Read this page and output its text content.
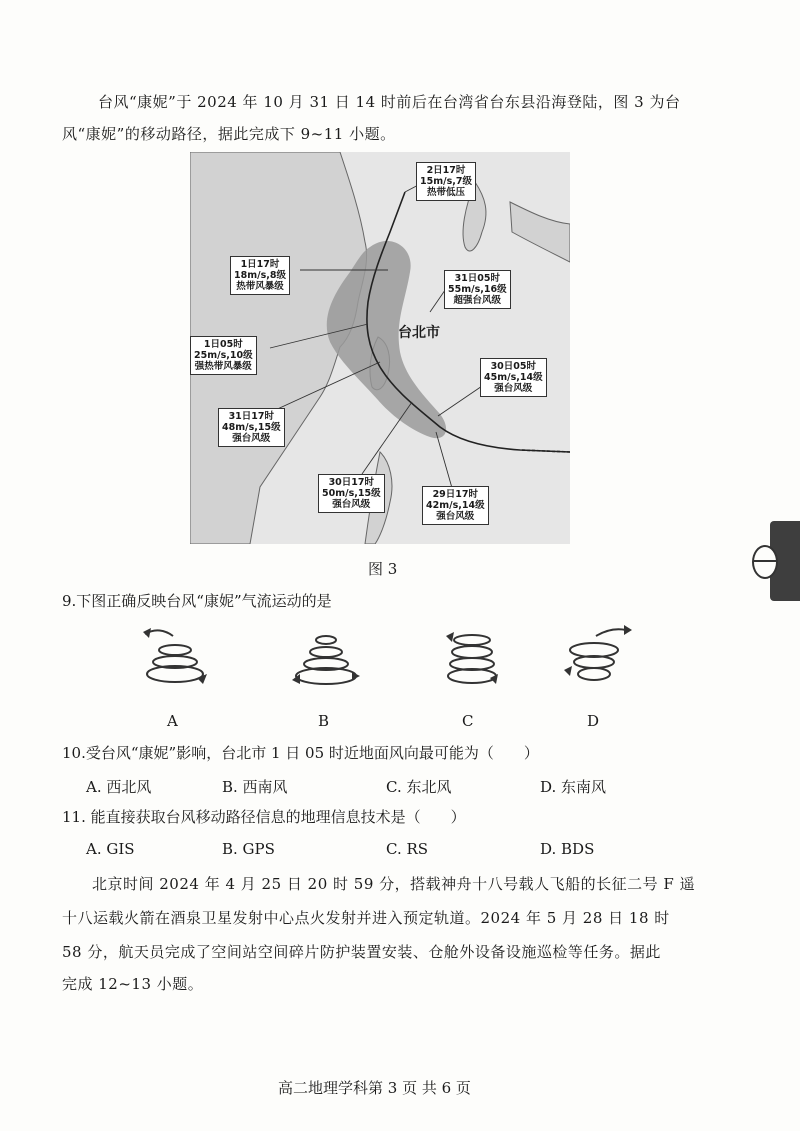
台风“康妮”于 2024 年 10 月 31 日 14 时前后在台湾省台东县沿海登陆，图 3 为台
风“康妮”的移动路径，据此完成下 9~11 小题。
2日17时
15m/s,7级
热带低压
1日17时
18m/s,8级
热带风暴级
31日05时
55m/s,16级
超强台风级
1日05时
25m/s,10级
强热带风暴级	30日05时
45m/s,14级
强台风级
31日17时
48m/s,15级
强台风级
30日17时
50m/s,15级
强台风级
29日17时
42m/s,14级
强台风级
台北市
图 3
9.下图正确反映台风“康妮”气流运动的是
A	B	C	D
10.受台风“康妮”影响，台北市 1 日 05 时近地面风向最可能为（　　）
A. 西北风	B. 西南风	C. 东北风	D. 东南风
11. 能直接获取台风移动路径信息的地理信息技术是（　　）
A. GIS	B. GPS	C. RS	D. BDS
北京时间 2024 年 4 月 25 日 20 时 59 分，搭载神舟十八号载人飞船的长征二号 F 遥
十八运载火箭在酒泉卫星发射中心点火发射并进入预定轨道。2024 年 5 月 28 日 18 时
58 分，航天员完成了空间站空间碎片防护装置安装、仓舱外设备设施巡检等任务。据此
完成 12~13 小题。
高二地理学科第 3 页 共 6 页
